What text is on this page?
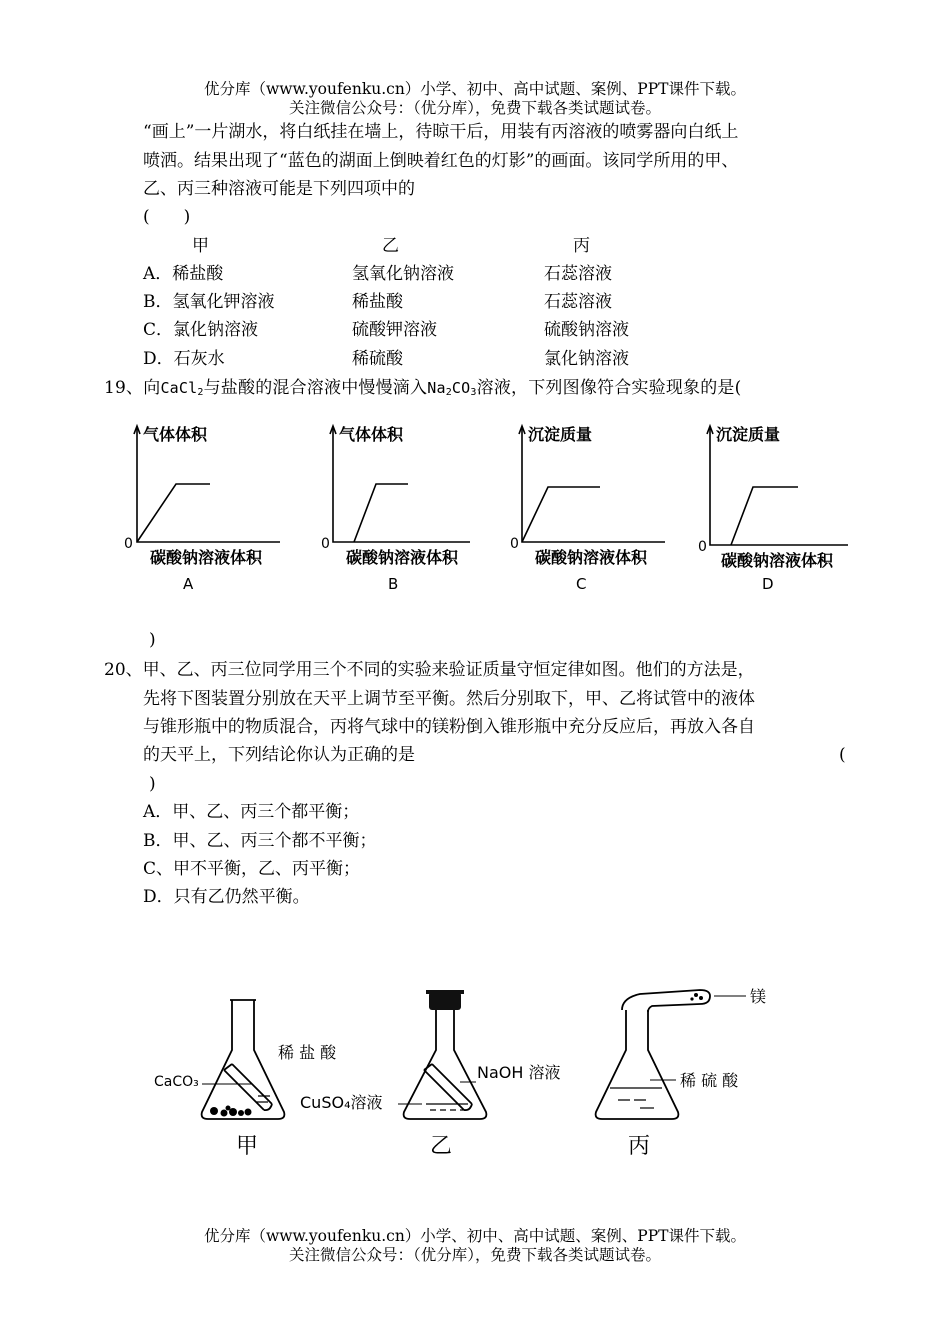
优分库（www.youfenku.cn）小学、初中、高中试题、案例、PPT课件下载。
关注微信公众号：（优分库），免费下载各类试题试卷。
“画上”一片湖水，将白纸挂在墙上，待晾干后，用装有丙溶液的喷雾器向白纸上
喷洒。结果出现了“蓝色的湖面上倒映着红色的灯影”的画面。该同学所用的甲、
乙、丙三种溶液可能是下列四项中的
(　　)
甲	乙	丙
A．稀盐酸	氢氧化钠溶液	石蕊溶液
B．氢氧化钾溶液	稀盐酸	石蕊溶液
C．氯化钠溶液	硫酸钾溶液	硫酸钠溶液
D．石灰水	稀硫酸	氯化钠溶液
19、向CaCl$_2$与盐酸的混合溶液中慢慢滴入$Na_2CO_3$溶液，下列图像符合实验现象的是(
气体体积	气体体积	沉淀质量	沉淀质量
碳酸钠溶液体积	碳酸钠溶液体积	碳酸钠溶液体积	碳酸钠溶液体积
0	0	0	0
A	B	C	D
)
20、甲、乙、丙三位同学用三个不同的实验来验证质量守恒定律如图。他们的方法是，
先将下图装置分别放在天平上调节至平衡。然后分别取下，甲、乙将试管中的液体
与锥形瓶中的物质混合，丙将气球中的镁粉倒入锥形瓶中充分反应后，再放入各自
的天平上，下列结论你认为正确的是	(
)
A．甲、乙、丙三个都平衡；
B．甲、乙、丙三个都不平衡；
C、甲不平衡，乙、丙平衡；
D．只有乙仍然平衡。
稀 盐 酸
CaCO₃	NaOH 溶液
CuSO₄溶液
镁
稀 硫 酸
甲	乙	丙
优分库（www.youfenku.cn）小学、初中、高中试题、案例、PPT课件下载。
关注微信公众号：（优分库），免费下载各类试题试卷。
